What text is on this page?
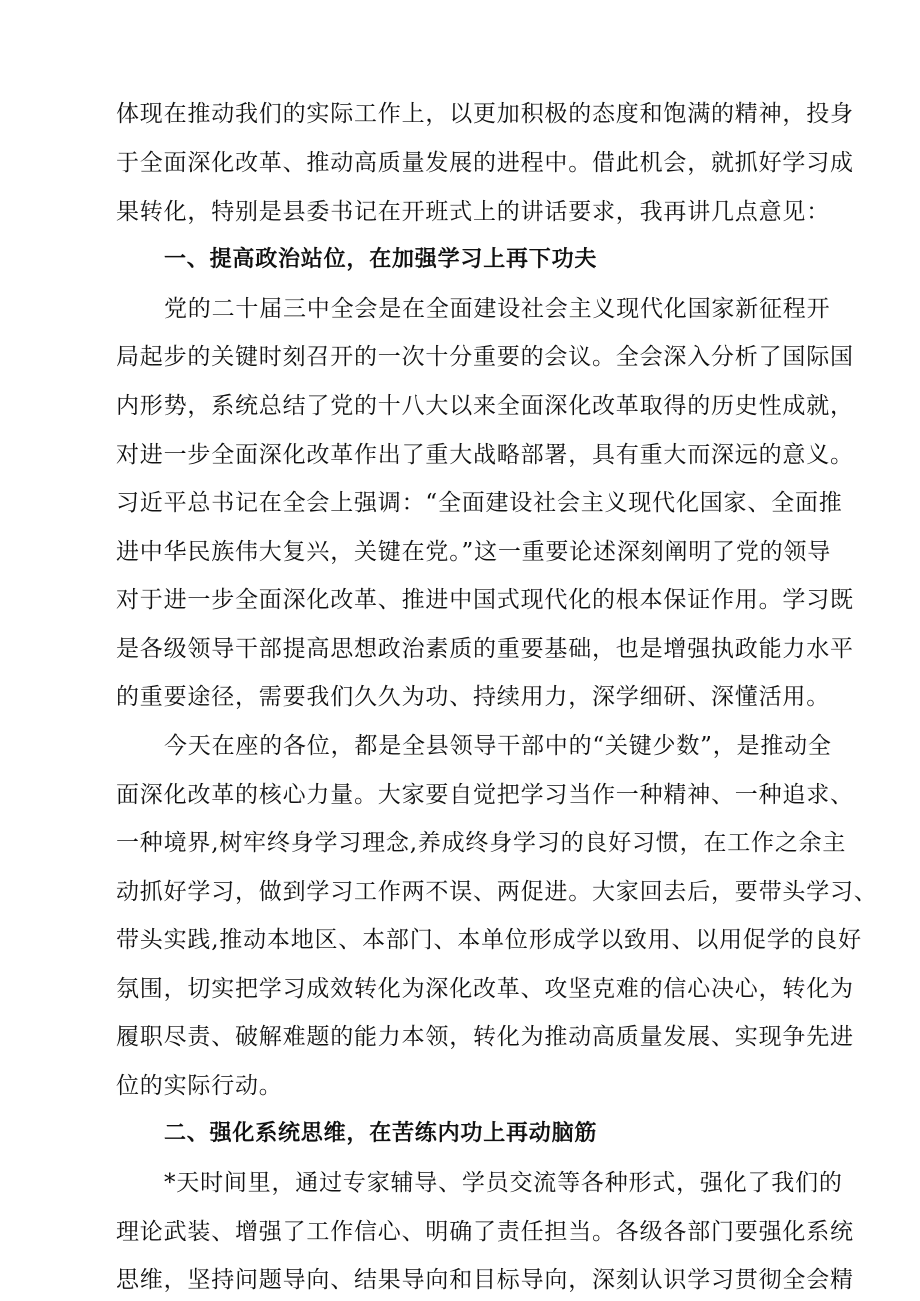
体现在推动我们的实际工作上，以更加积极的态度和饱满的精神，投身
于全面深化改革、推动高质量发展的进程中。借此机会，就抓好学习成
果转化，特别是县委书记在开班式上的讲话要求，我再讲几点意见：
一、提高政治站位，在加强学习上再下功夫
党的二十届三中全会是在全面建设社会主义现代化国家新征程开
局起步的关键时刻召开的一次十分重要的会议。全会深入分析了国际国
内形势，系统总结了党的十八大以来全面深化改革取得的历史性成就，
对进一步全面深化改革作出了重大战略部署，具有重大而深远的意义。
习近平总书记在全会上强调：“全面建设社会主义现代化国家、全面推
进中华民族伟大复兴，关键在党。”这一重要论述深刻阐明了党的领导
对于进一步全面深化改革、推进中国式现代化的根本保证作用。学习既
是各级领导干部提高思想政治素质的重要基础，也是增强执政能力水平
的重要途径，需要我们久久为功、持续用力，深学细研、深懂活用。
今天在座的各位，都是全县领导干部中的“关键少数”，是推动全
面深化改革的核心力量。大家要自觉把学习当作一种精神、一种追求、
一种境界,树牢终身学习理念,养成终身学习的良好习惯，在工作之余主
动抓好学习，做到学习工作两不误、两促进。大家回去后，要带头学习、
带头实践,推动本地区、本部门、本单位形成学以致用、以用促学的良好
氛围，切实把学习成效转化为深化改革、攻坚克难的信心决心，转化为
履职尽责、破解难题的能力本领，转化为推动高质量发展、实现争先进
位的实际行动。
二、强化系统思维，在苦练内功上再动脑筋
*天时间里，通过专家辅导、学员交流等各种形式，强化了我们的
理论武装、增强了工作信心、明确了责任担当。各级各部门要强化系统
思维，坚持问题导向、结果导向和目标导向，深刻认识学习贯彻全会精
